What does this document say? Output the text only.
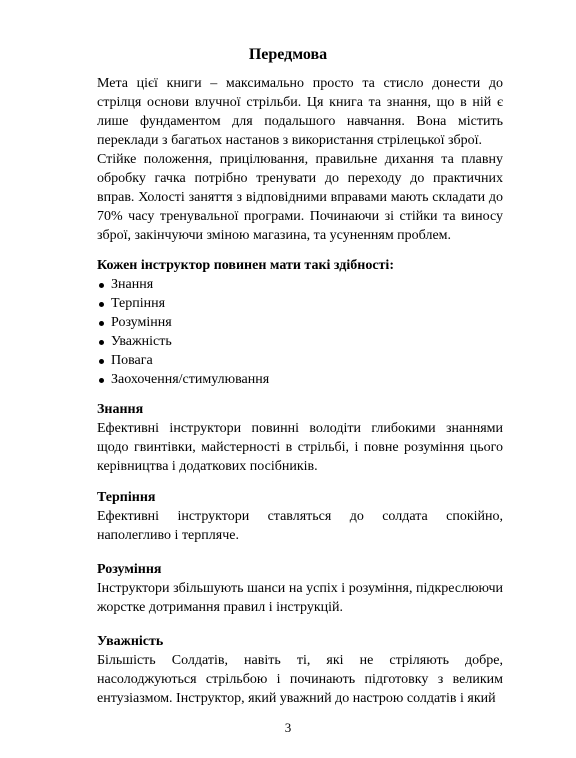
Передмова

Мета цієї книги – максимально просто та стисло донести до стрілця основи влучної стрільби. Ця книга та знання, що в ній є лише фундаментом для подальшого навчання. Вона містить переклади з багатьох настанов з використання стрілецької зброї.

Стійке положення, прицілювання, правильне дихання та плавну обробку гачка потрібно тренувати до переходу до практичних вправ. Холості заняття з відповідними вправами мають складати до 70% часу тренувальної програми. Починаючи зі стійки та виносу зброї, закінчуючи зміною магазина, та усуненням проблем.

Кожен інструктор повинен мати такі здібності:
Знання
Терпіння
Розуміння
Уважність
Повага
Заохочення/стимулювання
Знання

Ефективні інструктори повинні володіти глибокими знаннями щодо гвинтівки, майстерності в стрільбі, і повне розуміння цього керівництва і додаткових посібників.

Терпіння

Ефективні інструктори ставляться до солдата спокійно, наполегливо і терпляче.

Розуміння

Інструктори збільшують шанси на успіх і розуміння, підкреслюючи жорстке дотримання правил і інструкцій.

Уважність

Більшість Солдатів, навіть ті, які не стріляють добре, насолоджуються стрільбою і починають підготовку з великим ентузіазмом. Інструктор, який уважний до настрою солдатів і який

3
